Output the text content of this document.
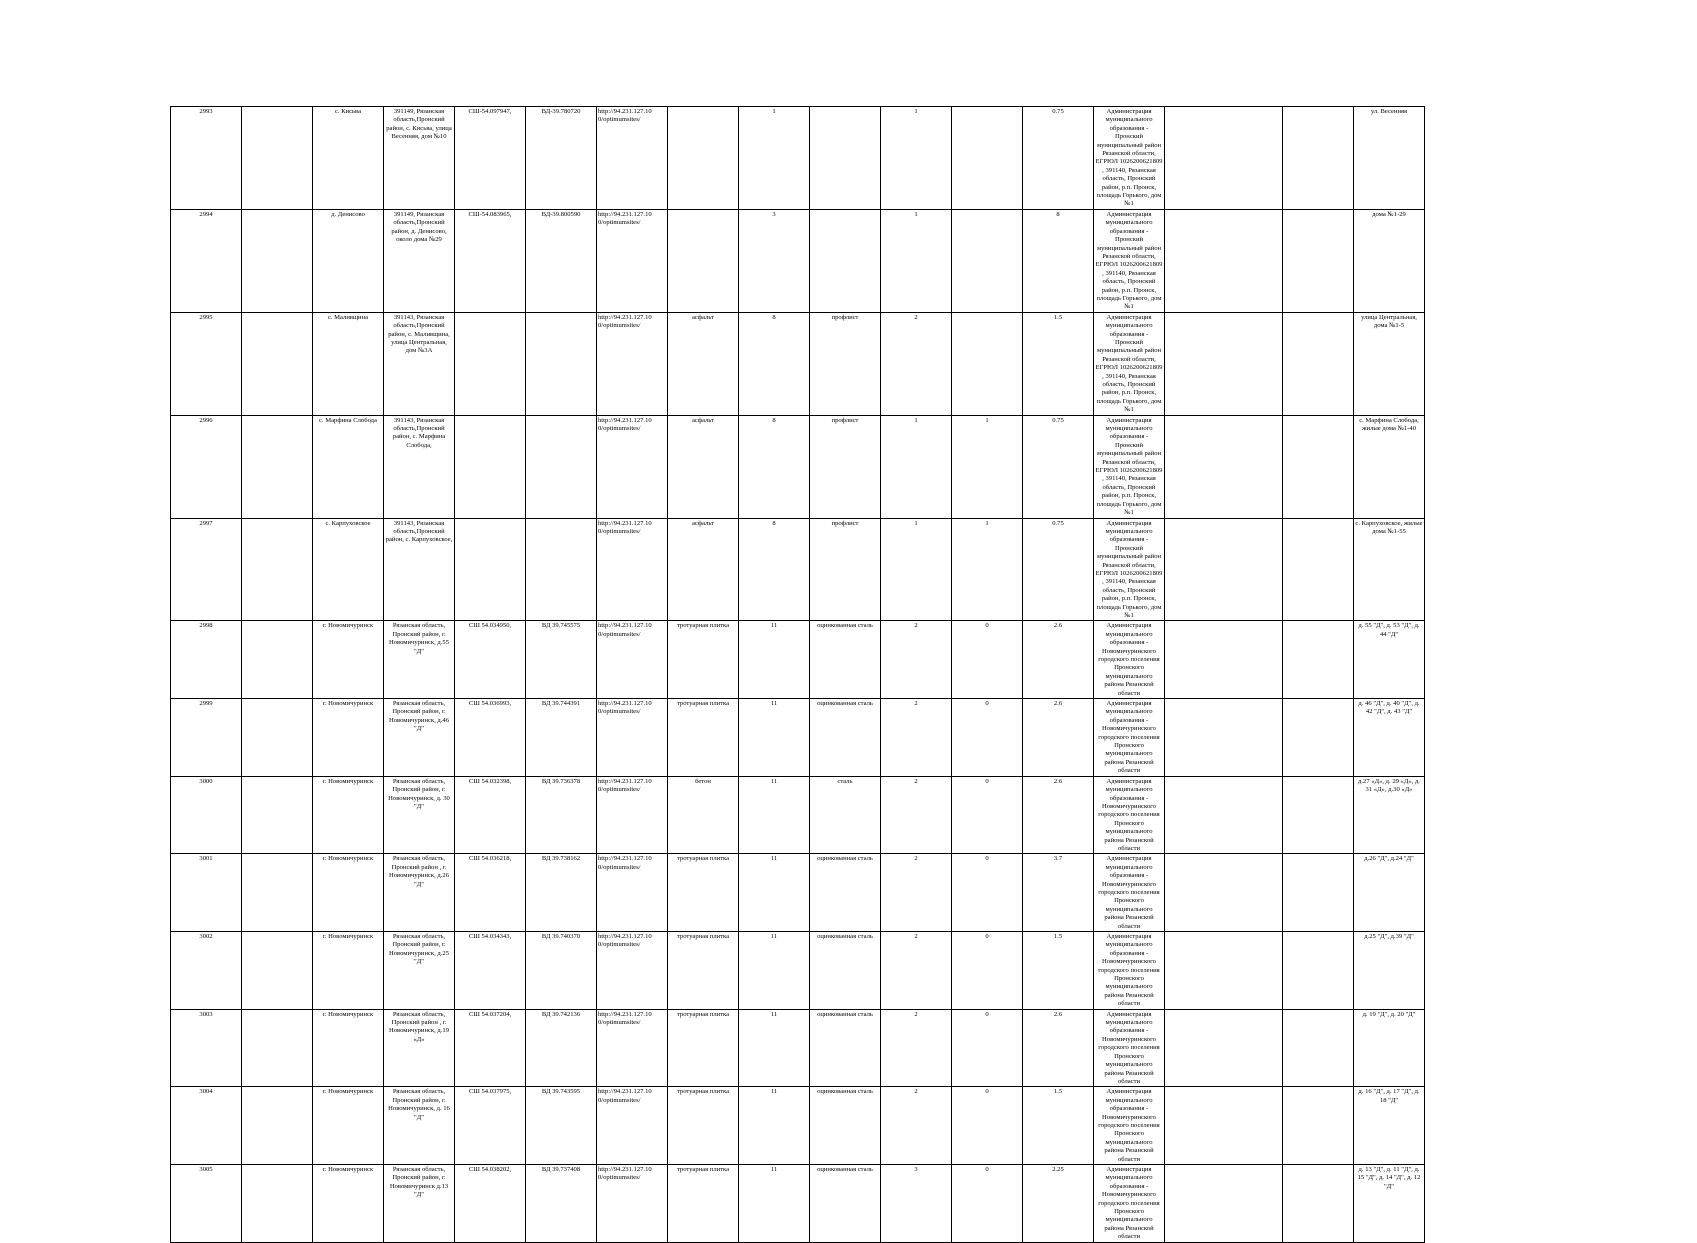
2993		с. Кисьва	391149, Рязанская область,Пронский район, с. Кисьва, улица Весенняя, дом №10	СШ-54.097947,	ВД-39.780720	http://94.231.127.10 0/optimumsites/		1		1		0.75	Администрация муниципального образования - Пронский муниципальный район Рязанской области, ЕГРЮЛ 1026200621809 , 391140, Рязанская область, Пронский район, р.п. Пронск, площадь Горького, дом №1			ул. Весенняя
2994		д. Денисово	391149, Рязанская область,Пронский район, д. Денисово, около дома №29	СШ-54.083965,	ВД-39.800590	http://94.231.127.10 0/optimumsites/		3		1		8	Администрация муниципального образования - Пронский муниципальный район Рязанской области, ЕГРЮЛ 1026200621809 , 391140, Рязанская область, Пронский район, р.п. Пронск, площадь Горького, дом №1			дома №1-29
2995		с. Маливщина	391143, Рязанская область,Пронский район, с. Маливщина, улица Центральная, дом №3А			http://94.231.127.10 0/optimumsites/	асфальт	8	профлист	2		1.5	Администрация муниципального образования - Пронский муниципальный район Рязанской области, ЕГРЮЛ 1026200621809 , 391140, Рязанская область, Пронский район, р.п. Пронск, площадь Горького, дом №1			улица Центральная, дома №1-5
2996		с. Марфина Слобода	391143, Рязанская область,Пронский район, с. Марфина Слобода,			http://94.231.127.10 0/optimumsites/	асфальт	8	профлист	1	1	0.75	Администрация муниципального образования - Пронский муниципальный район Рязанской области, ЕГРЮЛ 1026200621809 , 391140, Рязанская область, Пронский район, р.п. Пронск, площадь Горького, дом №1			с. Марфина Слобода, жилые дома №1-40
2997		с. Карпуховское	391143, Рязанская область,Пронский район, с. Карпуховское,			http://94.231.127.10 0/optimumsites/	асфальт	8	профлист	1	1	0.75	Администрация муниципального образования - Пронский муниципальный район Рязанской области, ЕГРЮЛ 1026200621809 , 391140, Рязанская область, Пронский район, р.п. Пронск, площадь Горького, дом №1			с. Карпуховское, жилые дома №1-55
2998		г. Новомичуринск	Рязанская область, Пронский район, г. Новомичуринск, д.55 "Д"	СШ 54.034950,	ВД 39.745575	http://94.231.127.10 0/optimumsites/	тротуарная плитка	11	оцинкованная сталь	2	0	2.6	Администрация муниципального образования - Новомичуринского городского поселения Пронского муниципального района Рязанской области			д. 55 "Д", д. 53 "Д", д. 44 "Д"
2999		г. Новомичуринск	Рязанская область, Пронский район, г. Новомичуринск, д.46 "Д"	СШ 54.036993,	ВД 39.744391	http://94.231.127.10 0/optimumsites/	тротуарная плитка	11	оцинкованная сталь	2	0	2.6	Администрация муниципального образования - Новомичуринского городского поселения Пронского муниципального района Рязанской области			д. 46 "Д", д. 40 "Д", д. 42 "Д", д. 43 "Д"
3000		г. Новомичуринск	Рязанская область, Пронский район, г. Новомичуринск, д. 30 "Д"	СШ 54.032398,	ВД 39.736378	http://94.231.127.10 0/optimumsites/	бетон	11	сталь	2	0	2.6	Администрация муниципального образования - Новомичуринского городского поселения Пронского муниципального района Рязанской области			д.27 «Д», д. 29 «Д», д. 31 «Д», д.30 «Д»
3001		г. Новомичуринск	Рязанская область, Пронский район , г. Новомичуринск, д.26 "Д"	СШ 54.036218,	ВД 39.738162	http://94.231.127.10 0/optimumsites/	тротуарная плитка	11	оцинкованная сталь	2	0	3.7	Администрация муниципального образования - Новомичуринского городского поселения Пронского муниципального района Рязанской области			д.26 "Д", д.24 "Д"
3002		г. Новомичуринск	Рязанская область, Пронский район, г. Новомичуринск, д.25 "Д"	СШ 54.034343,	ВД 39.740370	http://94.231.127.10 0/optimumsites/	тротуарная плитка	11	оцинкованная сталь	2	0	1.5	Администрация муниципального образования - Новомичуринского городского поселения Пронского муниципального района Рязанской области			д.25 "Д", д.39 "Д"
3003		г. Новомичуринск	Рязанская область, Пронский район , г. Новомичуринск, д.19 «Д»	СШ 54.037204,	ВД 39.742136	http://94.231.127.10 0/optimumsites/	тротуарная плитка	11	оцинкованная сталь	2	0	2.6	Администрация муниципального образования - Новомичуринского городского поселения Пронского муниципального района Рязанской области			д. 19 "Д", д. 20 "Д"
3004		г. Новомичуринск	Рязанская область, Пронский район, г. Новомичуринск, д. 16 "Д"	СШ 54.037975,	ВД 39.743595	http://94.231.127.10 0/optimumsites/	тротуарная плитка	11	оцинкованная сталь	2	0	1.5	Администрация муниципального образования - Новомичуринского городского поселения Пронского муниципального района Рязанской области			д. 16 "Д", д. 17 "Д", д. 18 "Д"
3005		г. Новомичуринск	Рязанская область, Пронский район, г. Новомичуринск д.13 "Д"	СШ 54.038202,	ВД 39.737408	http://94.231.127.10 0/optimumsites/	тротуарная плитка	11	оцинкованная сталь	3	0	2.25	Администрация муниципального образования - Новомичуринского городского поселения Пронского муниципального района Рязанской области			д. 13 "Д", д. 11 "Д", д. 15 "Д", д. 14 "Д", д. 12 "Д"
